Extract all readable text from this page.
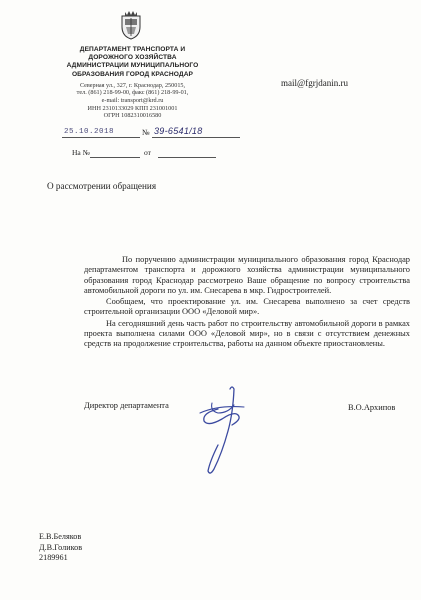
ДЕПАРТАМЕНТ ТРАНСПОРТА И
ДОРОЖНОГО ХОЗЯЙСТВА
АДМИНИСТРАЦИИ МУНИЦИПАЛЬНОГО
ОБРАЗОВАНИЯ ГОРОД КРАСНОДАР
Северная ул., 327, г. Краснодар, 250015,
тел. (861) 218-99-00, факс (861) 218-99-01,
e-mail: transport@krd.ru
ИНН 2310133029 КПП 231001001
ОГРН 1082310016580
mail@fgrjdanin.ru
25.10.2018	№ 39-6541/18
На №	от
О рассмотрении обращения

По поручению администрации муниципального образования город Краснодар департаментом транспорта и дорожного хозяйства администрации муниципального образования город Краснодар рассмотрено Ваше обращение по вопросу строительства автомобильной дороги по ул. им. Снесарева в мкр. Гидростроителей.

Сообщаем, что проектирование ул. им. Снесарева выполнено за счет средств строительной организации ООО «Деловой мир».

На сегодняшний день часть работ по строительству автомобильной дороги в рамках проекта выполнена силами ООО «Деловой мир», но в связи с отсутствием денежных средств на продолжение строительства, работы на данном объекте приостановлены.

Директор департамента	В.О.Архипов
Е.В.Беляков
Д.В.Голиков
2189961
